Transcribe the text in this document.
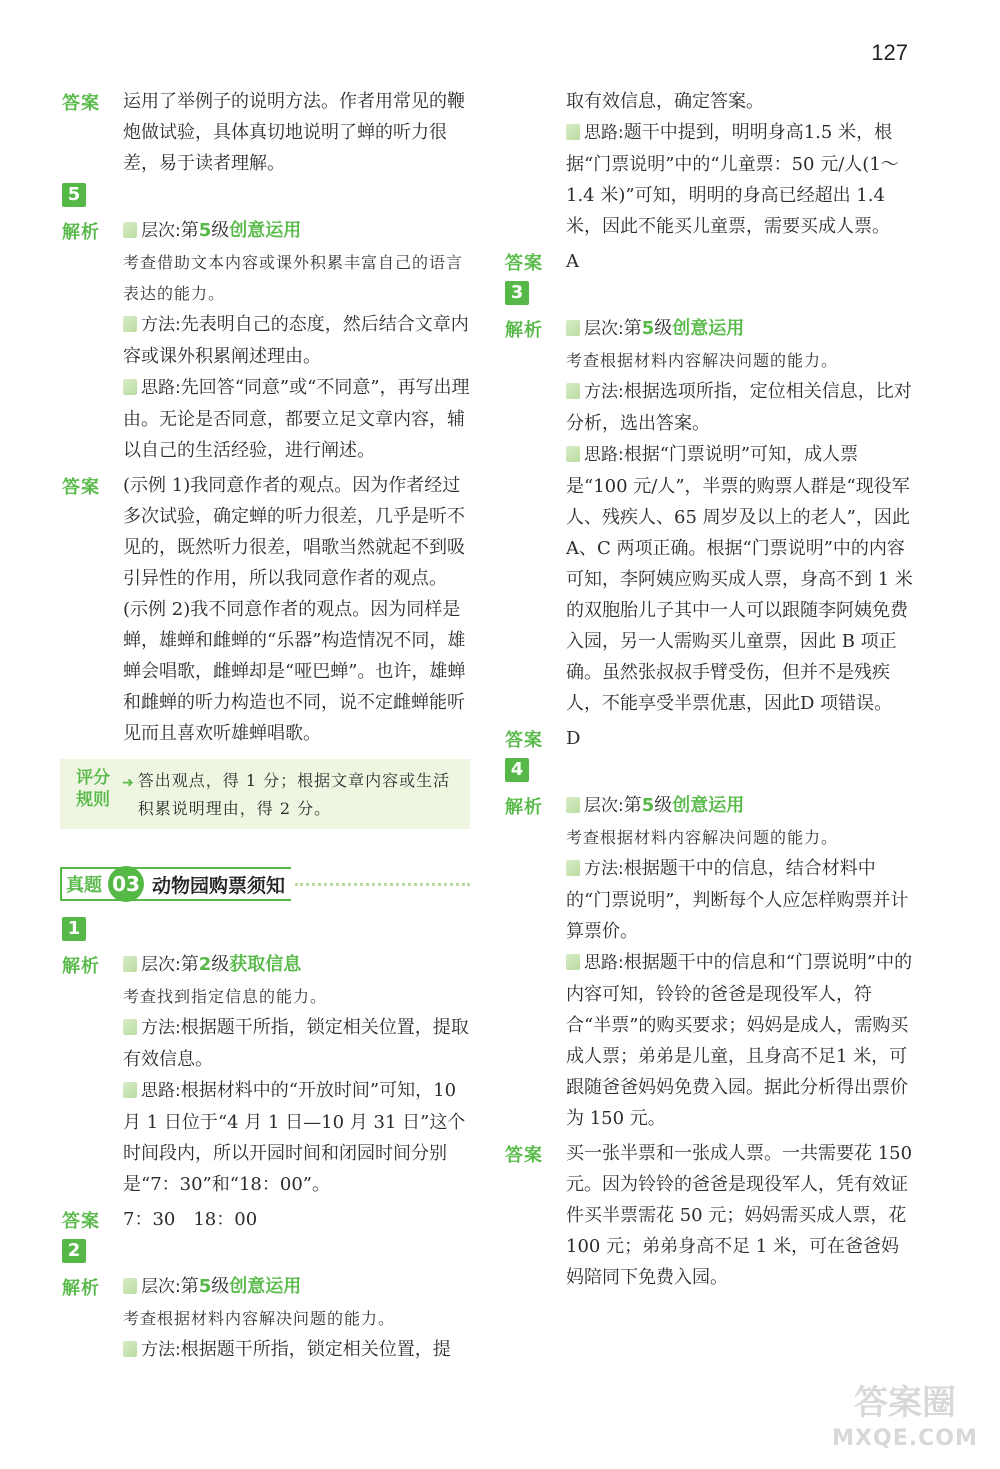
127
答案 运用了举例子的说明方法。作者用常见的鞭炮做试验，具体真切地说明了蝉的听力很差，易于读者理解。

5
解析	层次:第5级创意运用

考查借助文本内容或课外积累丰富自己的语言表达的能力。

方法:先表明自己的态度，然后结合文章内容或课外积累阐述理由。

思路:先回答“同意”或“不同意”，再写出理由。无论是否同意，都要立足文章内容，辅以自己的生活经验，进行阐述。

答案 (示例 1)我同意作者的观点。因为作者经过多次试验，确定蝉的听力很差，几乎是听不见的，既然听力很差，唱歌当然就起不到吸引异性的作用，所以我同意作者的观点。

(示例 2)我不同意作者的观点。因为同样是蝉，雄蝉和雌蝉的“乐器”构造情况不同，雄蝉会唱歌，雌蝉却是“哑巴蝉”。也许，雄蝉和雌蝉的听力构造也不同，说不定雌蝉能听见而且喜欢听雄蝉唱歌。

评分
规则
➜ 答出观点，得 1 分；根据文章内容或生活积累说明理由，得 2 分。
真题 03 动物园购票须知
1
解析	层次:第2级获取信息

考查找到指定信息的能力。

方法:根据题干所指，锁定相关位置，提取有效信息。

思路:根据材料中的“开放时间”可知，10 月 1 日位于“4 月 1 日—10 月 31 日”这个时间段内，所以开园时间和闭园时间分别是“7：30”和“18：00”。

答案 7：30　18：00

2
解析	层次:第5级创意运用

考查根据材料内容解决问题的能力。

方法:根据题干所指，锁定相关位置，提

取有效信息，确定答案。

思路:题干中提到，明明身高1.5 米，根据“门票说明”中的“儿童票：50 元/人(1～1.4 米)”可知，明明的身高已经超出 1.4 米，因此不能买儿童票，需要买成人票。

答案 A

3
解析	层次:第5级创意运用

考查根据材料内容解决问题的能力。

方法:根据选项所指，定位相关信息，比对分析，选出答案。

思路:根据“门票说明”可知，成人票是“100 元/人”，半票的购票人群是“现役军人、残疾人、65 周岁及以上的老人”，因此 A、C 两项正确。根据“门票说明”中的内容可知，李阿姨应购买成人票，身高不到 1 米的双胞胎儿子其中一人可以跟随李阿姨免费入园，另一人需购买儿童票，因此 B 项正确。虽然张叔叔手臂受伤，但并不是残疾人，不能享受半票优惠，因此D 项错误。

答案 D

4
解析	层次:第5级创意运用

考查根据材料内容解决问题的能力。

方法:根据题干中的信息，结合材料中的“门票说明”，判断每个人应怎样购票并计算票价。

思路:根据题干中的信息和“门票说明”中的内容可知，铃铃的爸爸是现役军人，符合“半票”的购买要求；妈妈是成人，需购买成人票；弟弟是儿童，且身高不足1 米，可跟随爸爸妈妈免费入园。据此分析得出票价为 150 元。

答案 买一张半票和一张成人票。一共需要花 150 元。因为铃铃的爸爸是现役军人，凭有效证件买半票需花 50 元；妈妈需买成人票，花 100 元；弟弟身高不足 1 米，可在爸爸妈妈陪同下免费入园。

答案圈
MXQE.COM
